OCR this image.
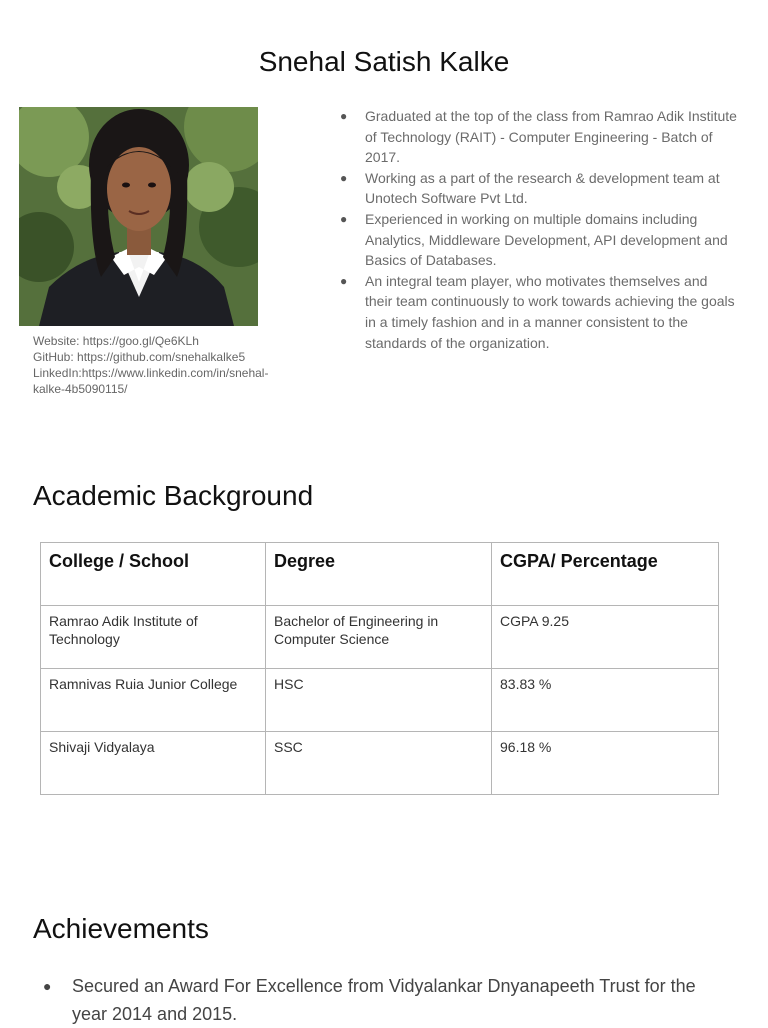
Snehal Satish Kalke
Website: https://goo.gl/Qe6KLh
GitHub: https://github.com/snehalkalke5
LinkedIn:https://www.linkedin.com/in/snehal-kalke-4b5090115/
● Graduated at the top of the class from Ramrao Adik Institute of Technology (RAIT) - Computer Engineering - Batch of 2017.
● Working as a part of the research & development team at Unotech Software Pvt Ltd.
● Experienced in working on multiple domains including Analytics, Middleware Development, API development and Basics of Databases.
● An integral team player, who motivates themselves and their team continuously to work towards achieving the goals in a timely fashion and in a manner consistent to the standards of the organization.
Academic Background
College / School	Degree	CGPA/ Percentage
Ramrao Adik Institute of Technology	Bachelor of Engineering in Computer Science	CGPA 9.25
Ramnivas Ruia Junior College	HSC	83.83 %
Shivaji Vidyalaya	SSC	96.18 %
Achievements
● Secured an Award For Excellence from Vidyalankar Dnyanapeeth Trust for the year 2014 and 2015.
